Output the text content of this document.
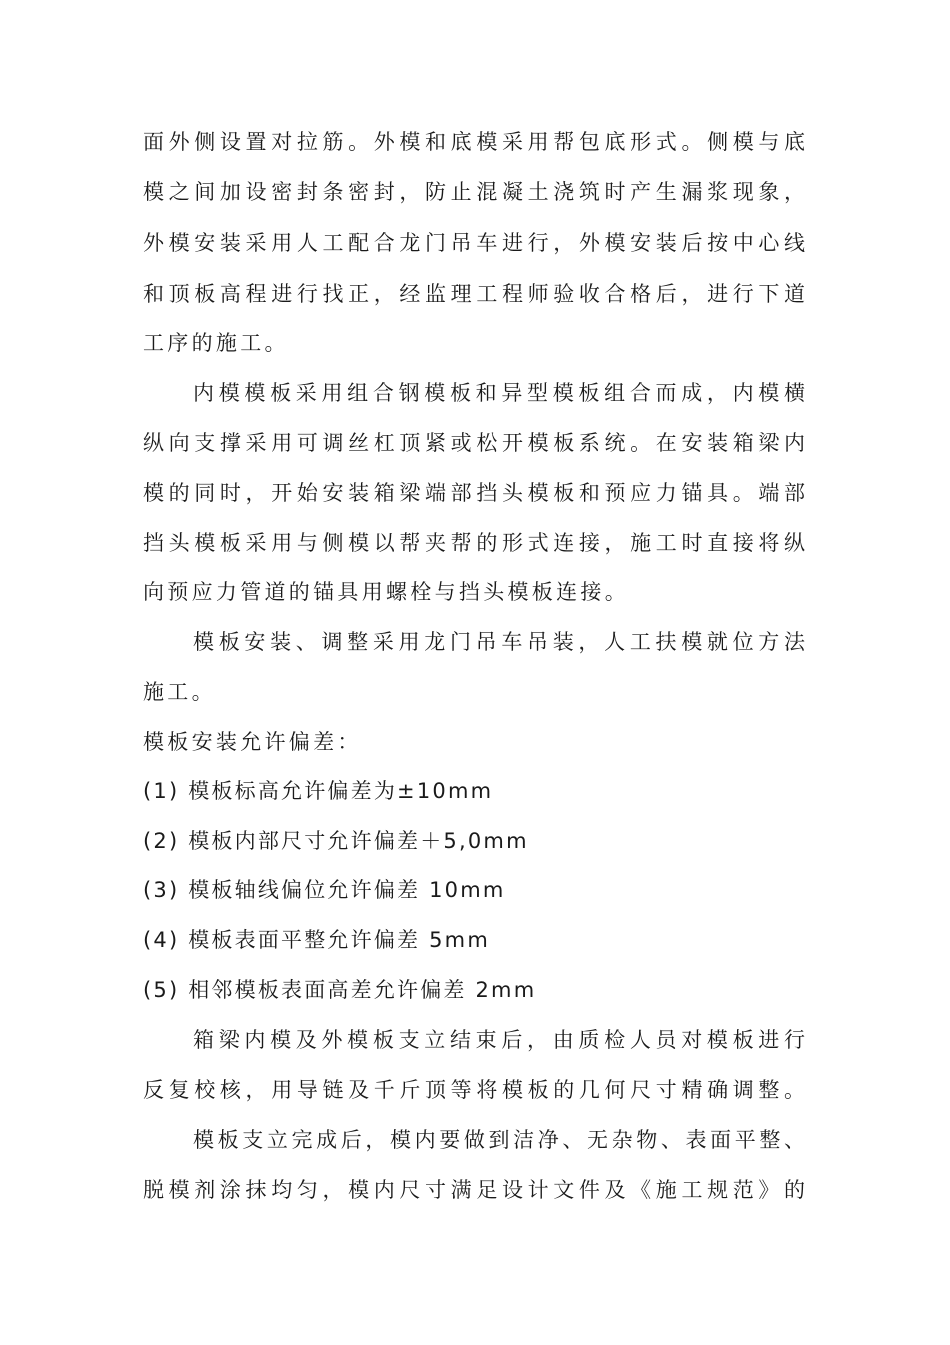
面外侧设置对拉筋。外模和底模采用帮包底形式。侧模与底
模之间加设密封条密封，防止混凝土浇筑时产生漏浆现象，
外模安装采用人工配合龙门吊车进行，外模安装后按中心线
和顶板高程进行找正，经监理工程师验收合格后，进行下道
工序的施工。
内模模板采用组合钢模板和异型模板组合而成，内模横
纵向支撑采用可调丝杠顶紧或松开模板系统。在安装箱梁内
模的同时，开始安装箱梁端部挡头模板和预应力锚具。端部
挡头模板采用与侧模以帮夹帮的形式连接，施工时直接将纵
向预应力管道的锚具用螺栓与挡头模板连接。
模板安装、调整采用龙门吊车吊装，人工扶模就位方法
施工。
模板安装允许偏差：
(1) 模板标高允许偏差为±10mm
(2) 模板内部尺寸允许偏差＋5,0mm
(3) 模板轴线偏位允许偏差 10mm
(4) 模板表面平整允许偏差 5mm
(5) 相邻模板表面高差允许偏差 2mm
箱梁内模及外模板支立结束后，由质检人员对模板进行
反复校核，用导链及千斤顶等将模板的几何尺寸精确调整。
模板支立完成后，模内要做到洁净、无杂物、表面平整、
脱模剂涂抹均匀，模内尺寸满足设计文件及《施工规范》的
